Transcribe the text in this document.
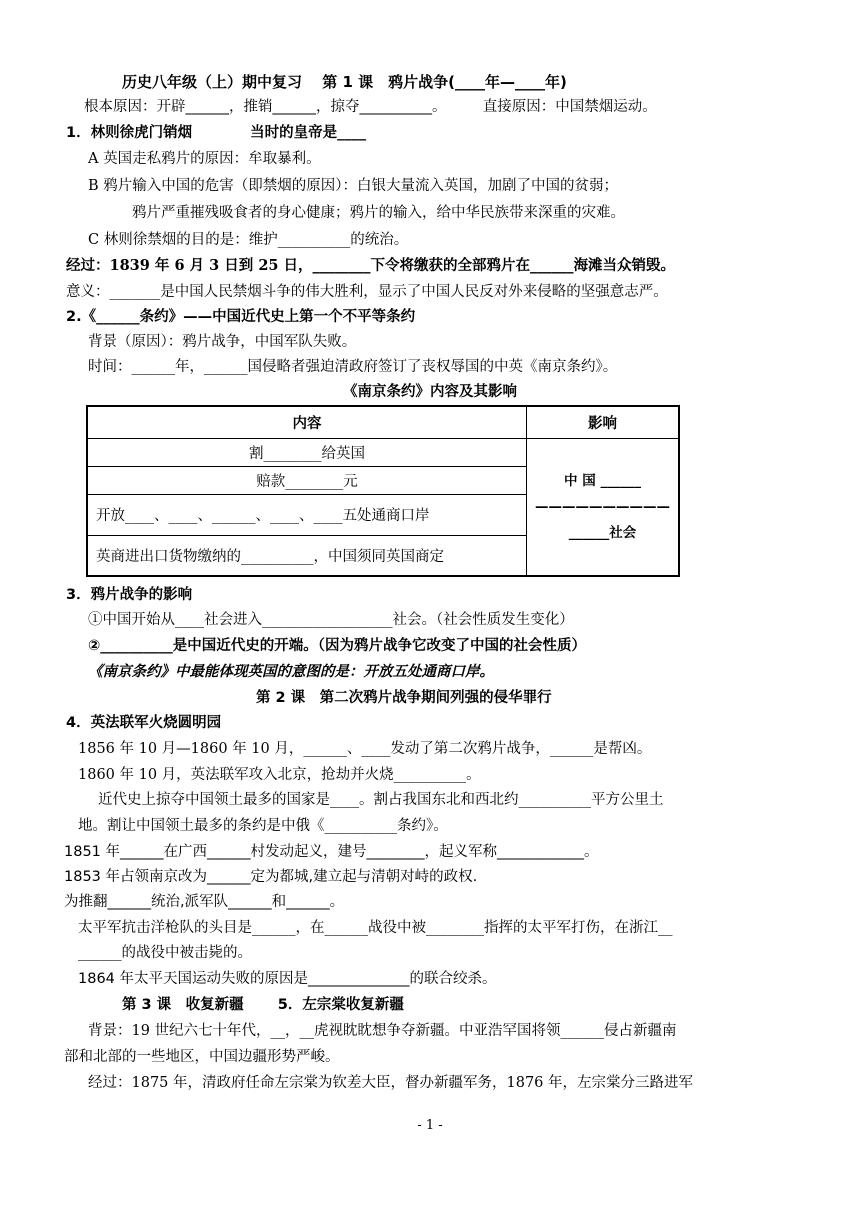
历史八年级（上）期中复习　 第 1 课　鸦片战争(____年—____年)
根本原因：开辟______，推销______，掠夺__________。　　　直接原因：中国禁烟运动。
1．林则徐虎门销烟　　　　当时的皇帝是____
A 英国走私鸦片的原因：牟取暴利。
B 鸦片输入中国的危害（即禁烟的原因）：白银大量流入英国，加剧了中国的贫弱；
鸦片严重摧残吸食者的身心健康；鸦片的输入，给中华民族带来深重的灾难。
C 林则徐禁烟的目的是：维护__________的统治。
经过：1839 年 6 月 3 日到 25 日，________下令将缴获的全部鸦片在______海滩当众销毁。
意义：_______是中国人民禁烟斗争的伟大胜利，显示了中国人民反对外来侵略的坚强意志严。
2.《______条约》——中国近代史上第一个不平等条约
背景（原因）：鸦片战争，中国军队失败。
时间：______年，______国侵略者强迫清政府签订了丧权辱国的中英《南京条约》。
《南京条约》内容及其影响
内容	影响
割________给英国	中 国 ______
——————————
______社会

赔款________元	
开放____、____、______、____、____五处通商口岸	
英商进出口货物缴纳的__________，中国须同英国商定	
3．鸦片战争的影响
①中国开始从____社会进入__________________社会。（社会性质发生变化）
②__________是中国近代史的开端。（因为鸦片战争它改变了中国的社会性质）
《南京条约》中最能体现英国的意图的是：开放五处通商口岸。
第 2 课　第二次鸦片战争期间列强的侵华罪行
4．英法联军火烧圆明园
1856 年 10 月—1860 年 10 月，______、____发动了第二次鸦片战争，______是帮凶。
1860 年 10 月，英法联军攻入北京，抢劫并火烧__________。
近代史上掠夺中国领土最多的国家是____。割占我国东北和西北约__________平方公里土
地。割让中国领土最多的条约是中俄《__________条约》。
1851 年______在广西______村发动起义，建号________，起义军称____________。
1853 年占领南京改为______定为都城,建立起与清朝对峙的政权.
为推翻______统治,派军队______和______。
太平军抗击洋枪队的头目是______，在______战役中被________指挥的太平军打伤，在浙江__
______的战役中被击毙的。
1864 年太平天国运动失败的原因是______________的联合绞杀。
第 3 课　收复新疆　　 5．左宗棠收复新疆
背景：19 世纪六七十年代，__，__虎视眈眈想争夺新疆。中亚浩罕国将领______侵占新疆南
部和北部的一些地区，中国边疆形势严峻。
经过：1875 年，清政府任命左宗棠为钦差大臣，督办新疆军务，1876 年，左宗棠分三路进军
- 1 -
